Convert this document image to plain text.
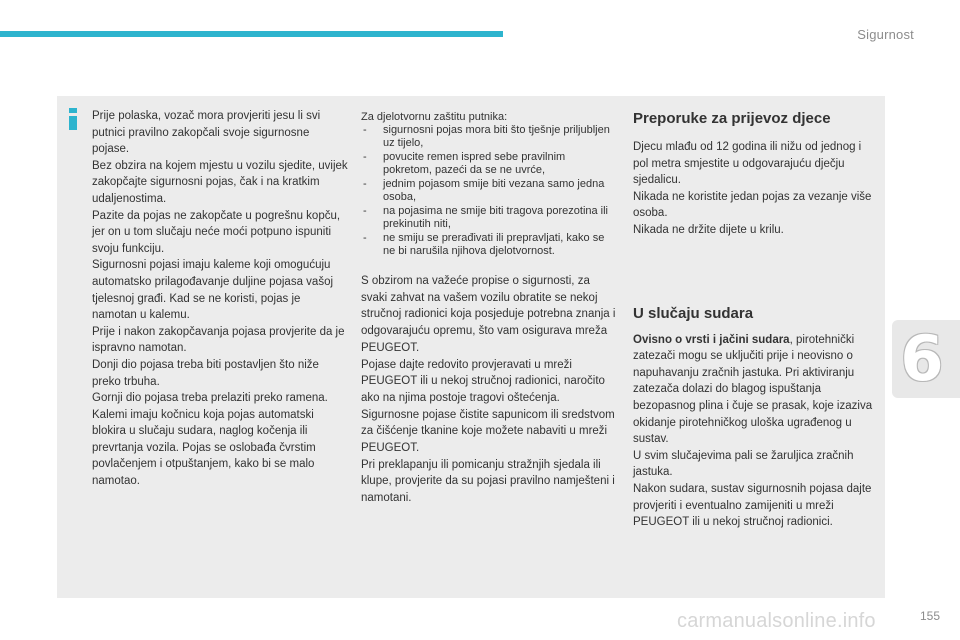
Sigurnost
6

Prije polaska, vozač mora provjeriti jesu li svi putnici pravilno zakopčali svoje sigurnosne pojase.

Bez obzira na kojem mjestu u vozilu sjedite, uvijek zakopčajte sigurnosni pojas, čak i na kratkim udaljenostima.

Pazite da pojas ne zakopčate u pogrešnu kopču, jer on u tom slučaju neće moći potpuno ispuniti svoju funkciju.

Sigurnosni pojasi imaju kaleme koji omogućuju automatsko prilagođavanje duljine pojasa vašoj tjelesnoj građi. Kad se ne koristi, pojas je namotan u kalemu.

Prije i nakon zakopčavanja pojasa provjerite da je ispravno namotan.

Donji dio pojasa treba biti postavljen što niže preko trbuha.

Gornji dio pojasa treba prelaziti preko ramena.

Kalemi imaju kočnicu koja pojas automatski blokira u slučaju sudara, naglog kočenja ili prevrtanja vozila. Pojas se oslobađa čvrstim povlačenjem i otpuštanjem, kako bi se malo namotao.

Za djelotvornu zaštitu putnika:

- sigurnosni pojas mora biti što tješnje priljubljen uz tijelo,
- povucite remen ispred sebe pravilnim pokretom, pazeći da se ne uvrće,
- jednim pojasom smije biti vezana samo jedna osoba,
- na pojasima ne smije biti tragova porezotina ili prekinutih niti,
- ne smiju se prerađivati ili prepravljati, kako se ne bi narušila njihova djelotvornost.

S obzirom na važeće propise o sigurnosti, za svaki zahvat na vašem vozilu obratite se nekoj stručnoj radionici koja posjeduje potrebna znanja i odgovarajuću opremu, što vam osigurava mreža PEUGEOT.

Pojase dajte redovito provjeravati u mreži PEUGEOT ili u nekoj stručnoj radionici, naročito ako na njima postoje tragovi oštećenja.

Sigurnosne pojase čistite sapunicom ili sredstvom za čišćenje tkanine koje možete nabaviti u mreži PEUGEOT.

Pri preklapanju ili pomicanju stražnjih sjedala ili klupe, provjerite da su pojasi pravilno namješteni i namotani.

Preporuke za prijevoz djece

Djecu mlađu od 12 godina ili nižu od jednog i pol metra smjestite u odgovarajuću dječju sjedalicu.

Nikada ne koristite jedan pojas za vezanje više osoba.

Nikada ne držite dijete u krilu.

U slučaju sudara

Ovisno o vrsti i jačini sudara, pirotehnički zatezači mogu se uključiti prije i neovisno o napuhavanju zračnih jastuka. Pri aktiviranju zatezača dolazi do blagog ispuštanja bezopasnog plina i čuje se prasak, koje izaziva okidanje pirotehničkog uloška ugrađenog u sustav.

U svim slučajevima pali se žaruljica zračnih jastuka.

Nakon sudara, sustav sigurnosnih pojasa dajte provjeriti i eventualno zamijeniti u mreži PEUGEOT ili u nekoj stručnoj radionici.

carmanualsonline.info	155
